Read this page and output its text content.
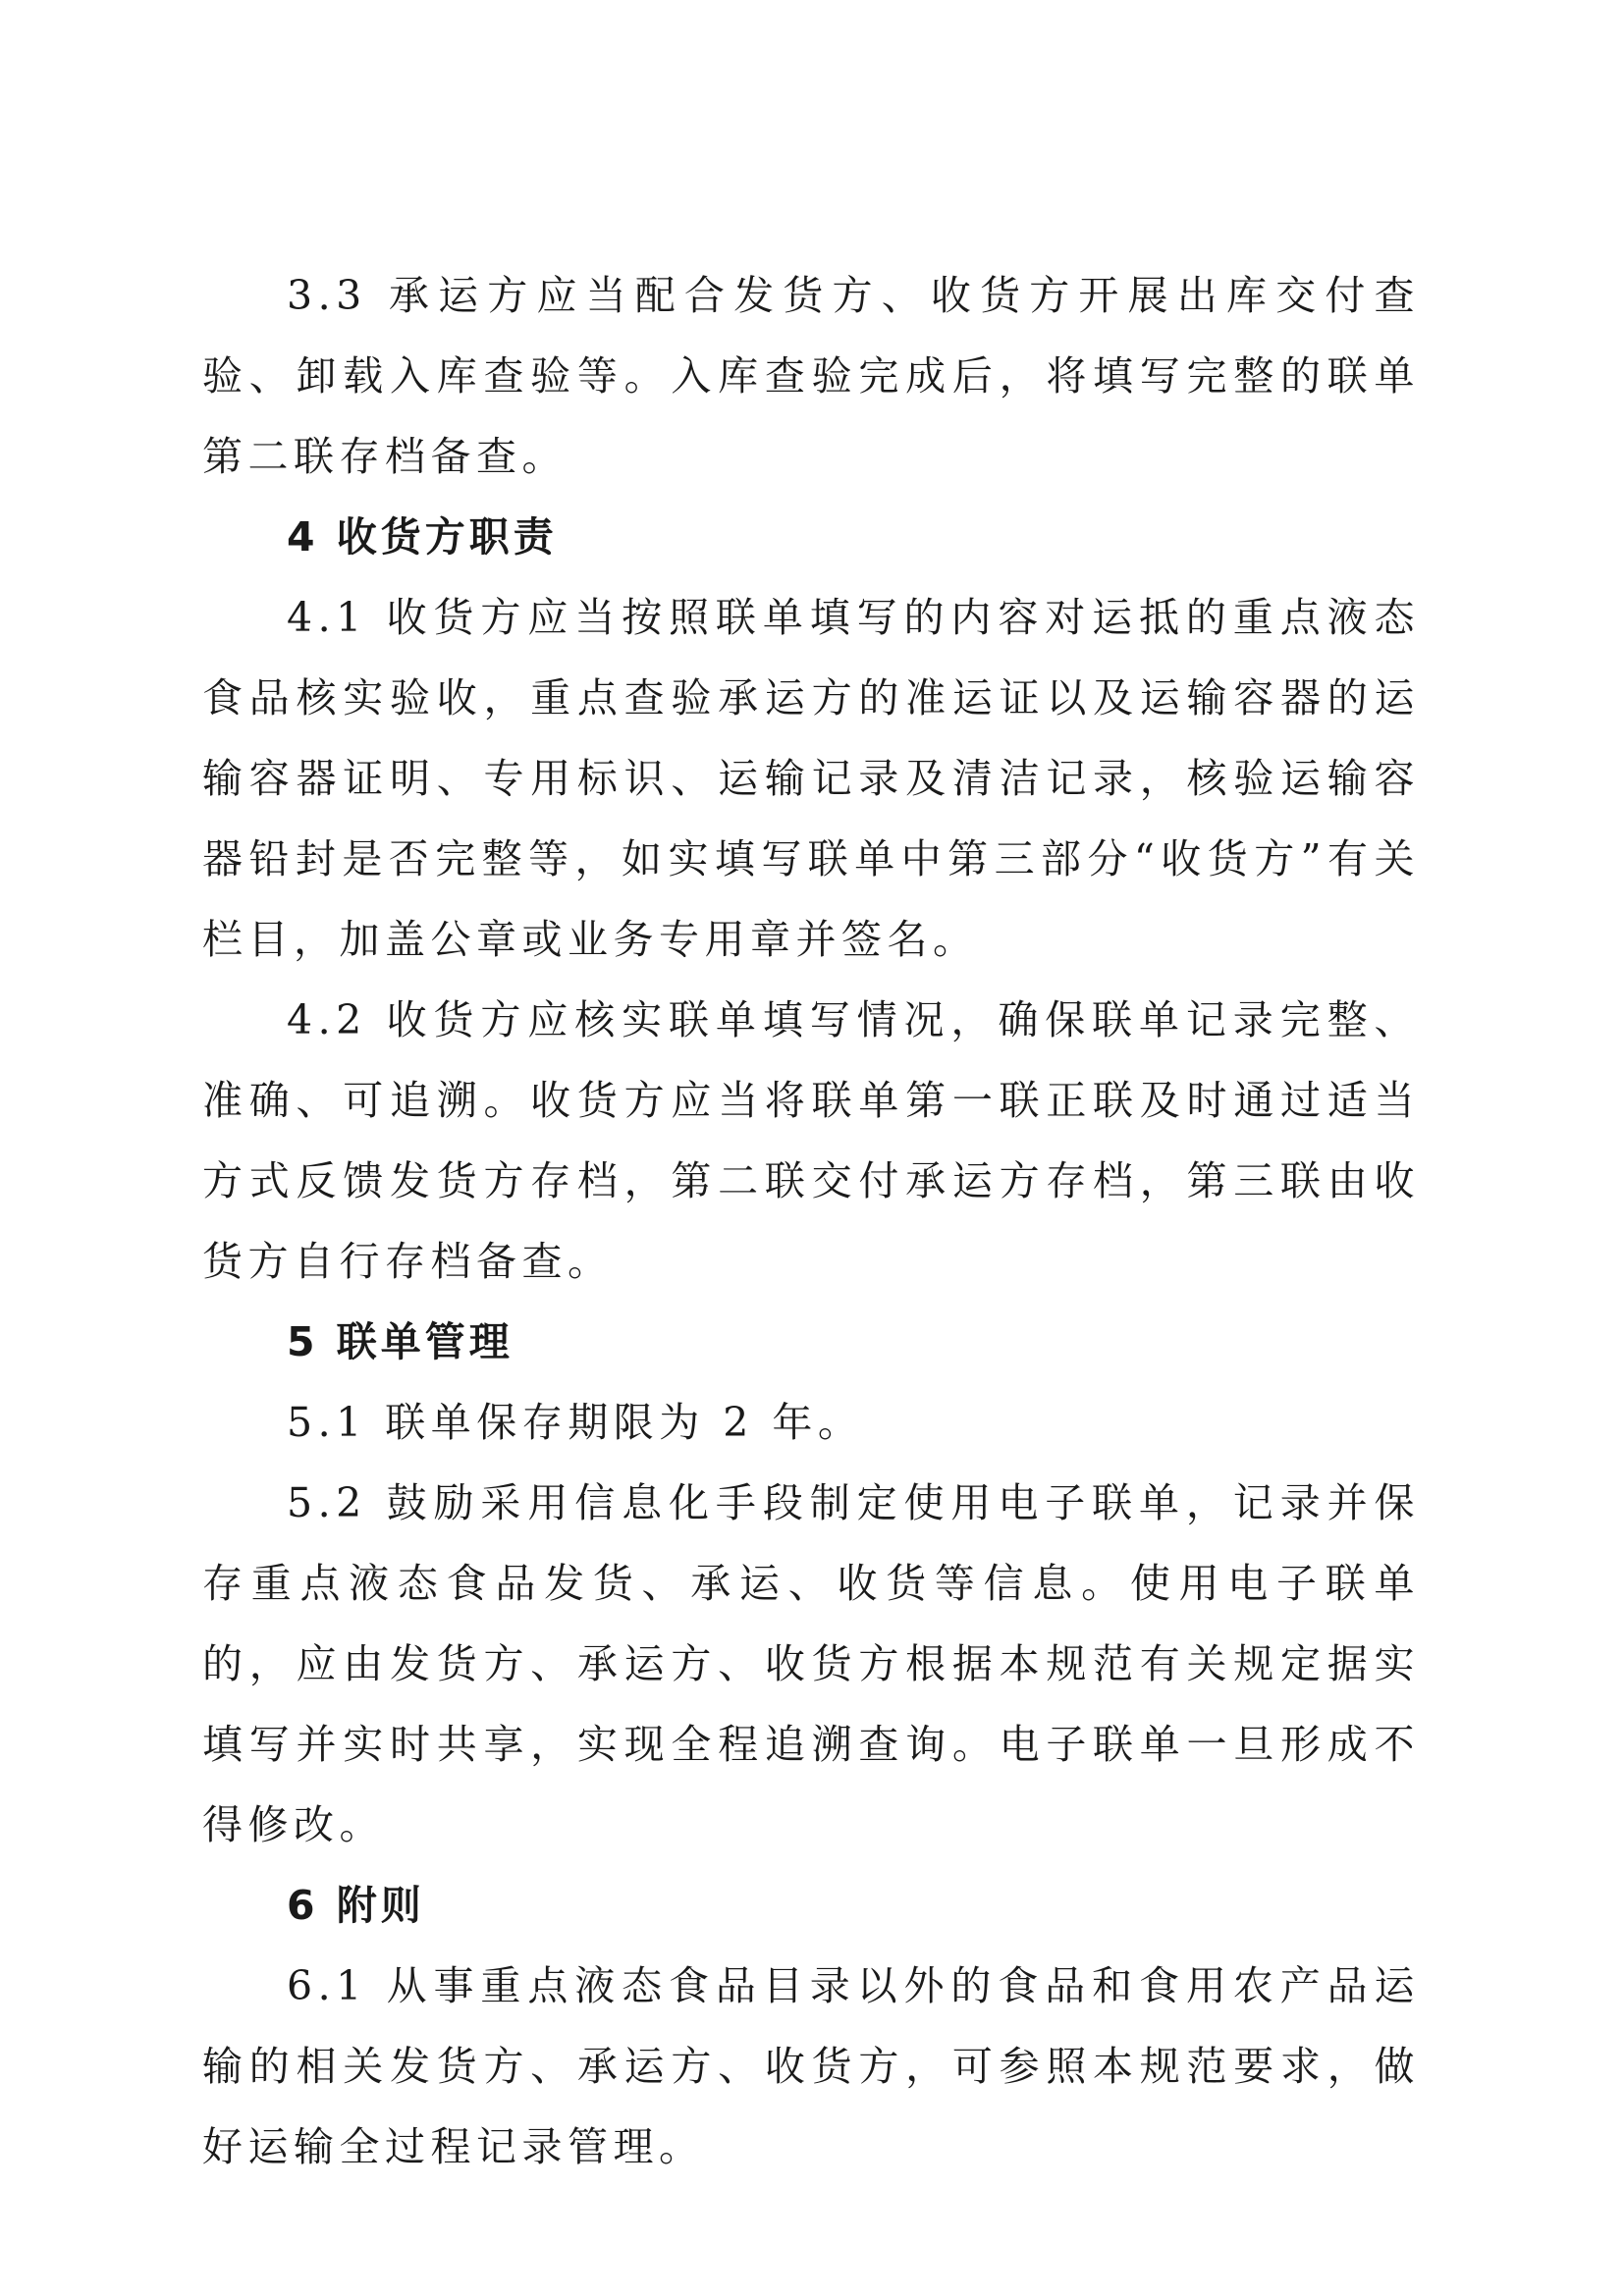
3.3 承运方应当配合发货方、收货方开展出库交付查验、卸载入库查验等。入库查验完成后，将填写完整的联单第二联存档备查。

4 收货方职责

4.1 收货方应当按照联单填写的内容对运抵的重点液态食品核实验收，重点查验承运方的准运证以及运输容器的运输容器证明、专用标识、运输记录及清洁记录，核验运输容器铅封是否完整等，如实填写联单中第三部分“收货方”有关栏目，加盖公章或业务专用章并签名。

4.2 收货方应核实联单填写情况，确保联单记录完整、准确、可追溯。收货方应当将联单第一联正联及时通过适当方式反馈发货方存档，第二联交付承运方存档，第三联由收货方自行存档备查。

5 联单管理

5.1 联单保存期限为 2 年。

5.2 鼓励采用信息化手段制定使用电子联单，记录并保存重点液态食品发货、承运、收货等信息。使用电子联单的，应由发货方、承运方、收货方根据本规范有关规定据实填写并实时共享，实现全程追溯查询。电子联单一旦形成不得修改。

6 附则

6.1 从事重点液态食品目录以外的食品和食用农产品运输的相关发货方、承运方、收货方，可参照本规范要求，做好运输全过程记录管理。
